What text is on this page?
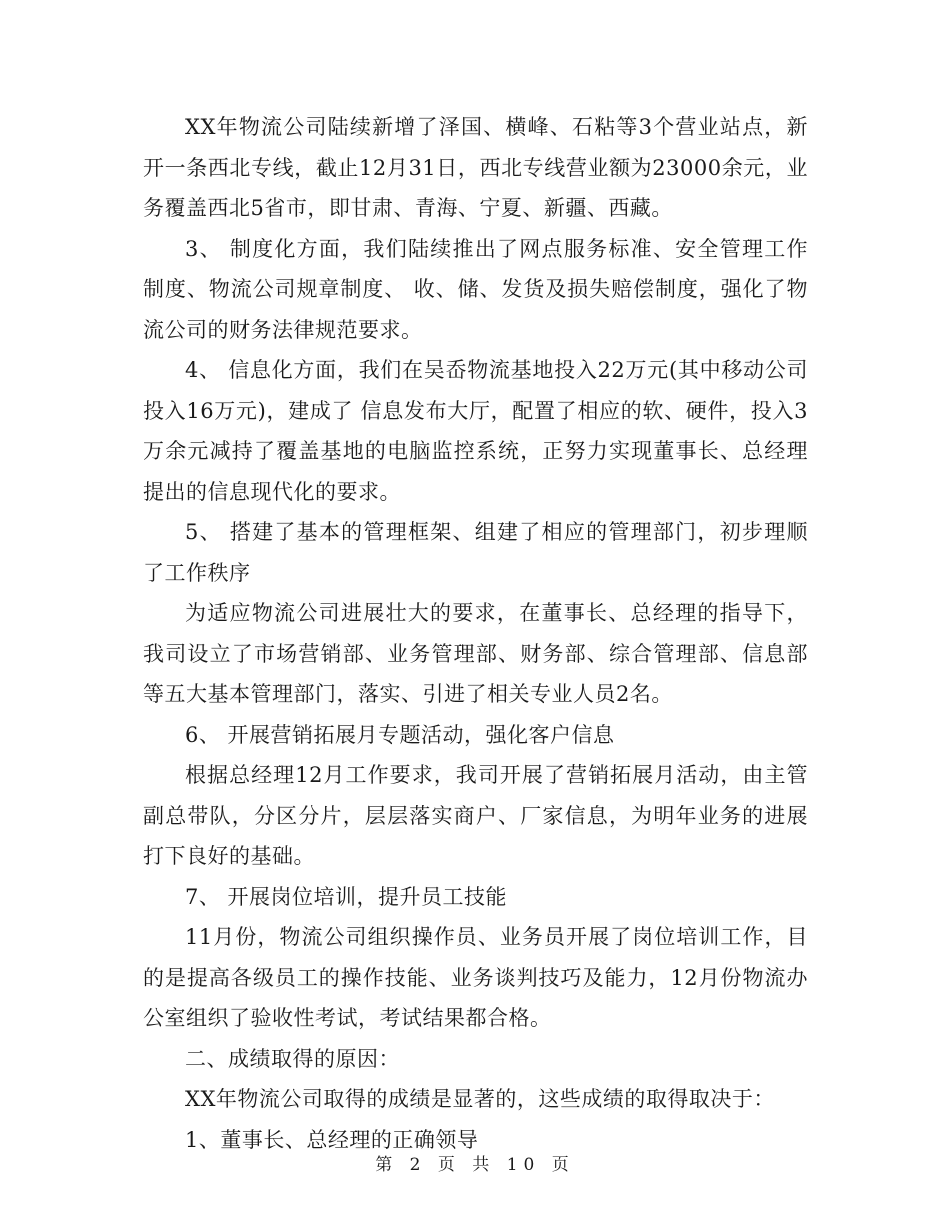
XX年物流公司陆续新增了泽国、横峰、石粘等3个营业站点，新开一条西北专线，截止12月31日，西北专线营业额为23000余元，业务覆盖西北5省市，即甘肃、青海、宁夏、新疆、西藏。

3、 制度化方面，我们陆续推出了网点服务标准、安全管理工作制度、物流公司规章制度、 收、储、发货及损失赔偿制度，强化了物流公司的财务法律规范要求。

4、 信息化方面，我们在吴岙物流基地投入22万元(其中移动公司投入16万元)，建成了 信息发布大厅，配置了相应的软、硬件，投入3万余元减持了覆盖基地的电脑监控系统，正努力实现董事长、总经理提出的信息现代化的要求。

5、 搭建了基本的管理框架、组建了相应的管理部门，初步理顺了工作秩序

为适应物流公司进展壮大的要求，在董事长、总经理的指导下，我司设立了市场营销部、业务管理部、财务部、综合管理部、信息部等五大基本管理部门，落实、引进了相关专业人员2名。

6、 开展营销拓展月专题活动，强化客户信息

根据总经理12月工作要求，我司开展了营销拓展月活动，由主管副总带队，分区分片，层层落实商户、厂家信息，为明年业务的进展打下良好的基础。

7、 开展岗位培训，提升员工技能

11月份，物流公司组织操作员、业务员开展了岗位培训工作，目的是提高各级员工的操作技能、业务谈判技巧及能力，12月份物流办公室组织了验收性考试，考试结果都合格。

二、成绩取得的原因：

XX年物流公司取得的成绩是显著的，这些成绩的取得取决于：

1、董事长、总经理的正确领导

第 2 页 共 10 页
